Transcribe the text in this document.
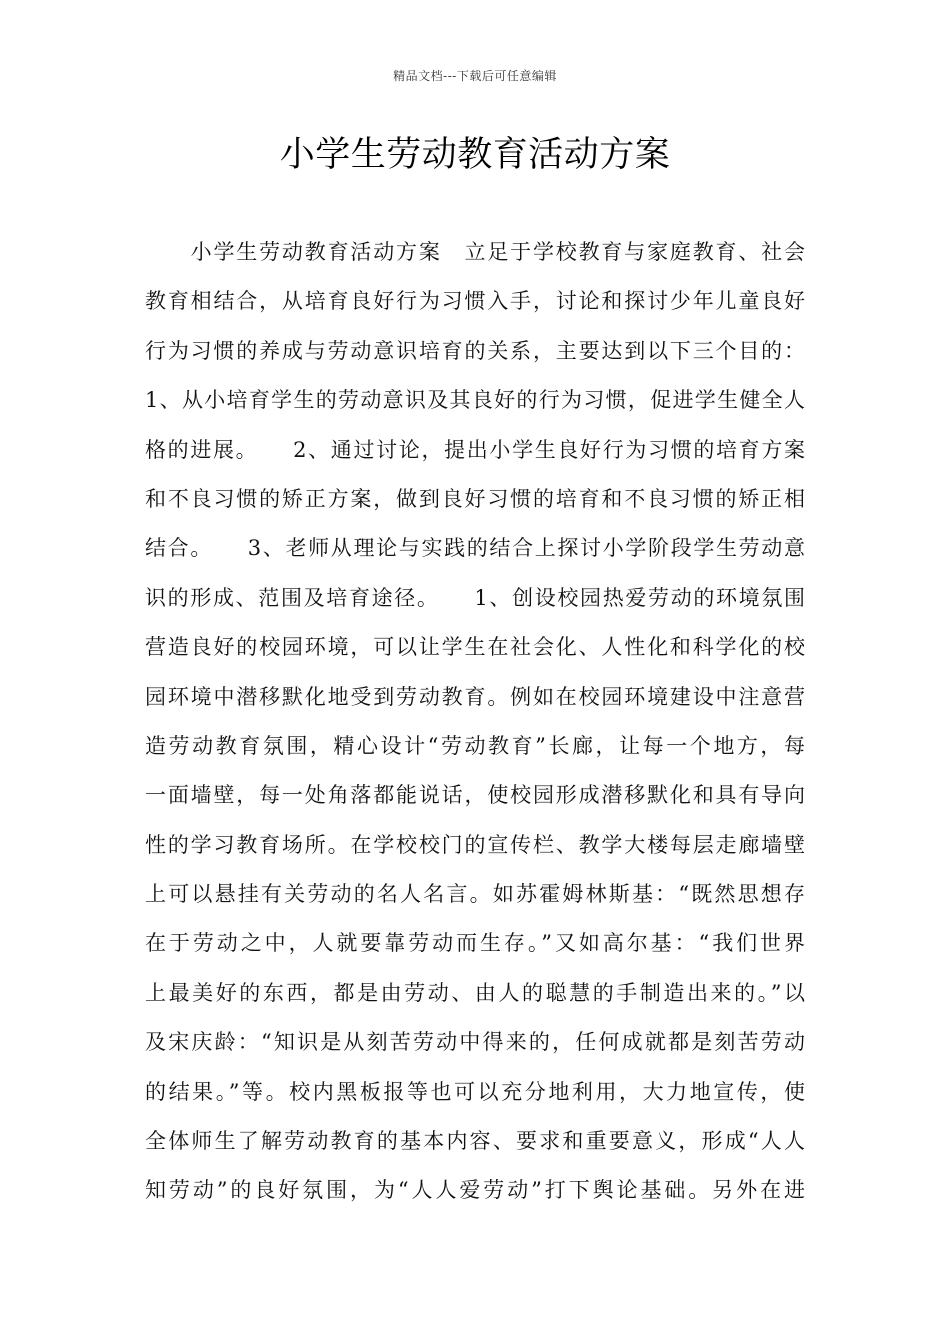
精品文档---下载后可任意编辑
小学生劳动教育活动方案
　　小学生劳动教育活动方案　立足于学校教育与家庭教育、社会
教育相结合，从培育良好行为习惯入手，讨论和探讨少年儿童良好
行为习惯的养成与劳动意识培育的关系，主要达到以下三个目的：
1、从小培育学生的劳动意识及其良好的行为习惯，促进学生健全人
格的进展。　　2、通过讨论，提出小学生良好行为习惯的培育方案
和不良习惯的矫正方案，做到良好习惯的培育和不良习惯的矫正相
结合。　　3、老师从理论与实践的结合上探讨小学阶段学生劳动意
识的形成、范围及培育途径。　　1、创设校园热爱劳动的环境氛围
营造良好的校园环境，可以让学生在社会化、人性化和科学化的校
园环境中潜移默化地受到劳动教育。例如在校园环境建设中注意营
造劳动教育氛围，精心设计“劳动教育”长廊，让每一个地方，每
一面墙壁，每一处角落都能说话，使校园形成潜移默化和具有导向
性的学习教育场所。在学校校门的宣传栏、教学大楼每层走廊墙壁
上可以悬挂有关劳动的名人名言。如苏霍姆林斯基：“既然思想存
在于劳动之中，人就要靠劳动而生存。”又如高尔基：“我们世界
上最美好的东西，都是由劳动、由人的聪慧的手制造出来的。”以
及宋庆龄：“知识是从刻苦劳动中得来的，任何成就都是刻苦劳动
的结果。”等。校内黑板报等也可以充分地利用，大力地宣传，使
全体师生了解劳动教育的基本内容、要求和重要意义，形成“人人
知劳动”的良好氛围，为“人人爱劳动”打下舆论基础。另外在进
